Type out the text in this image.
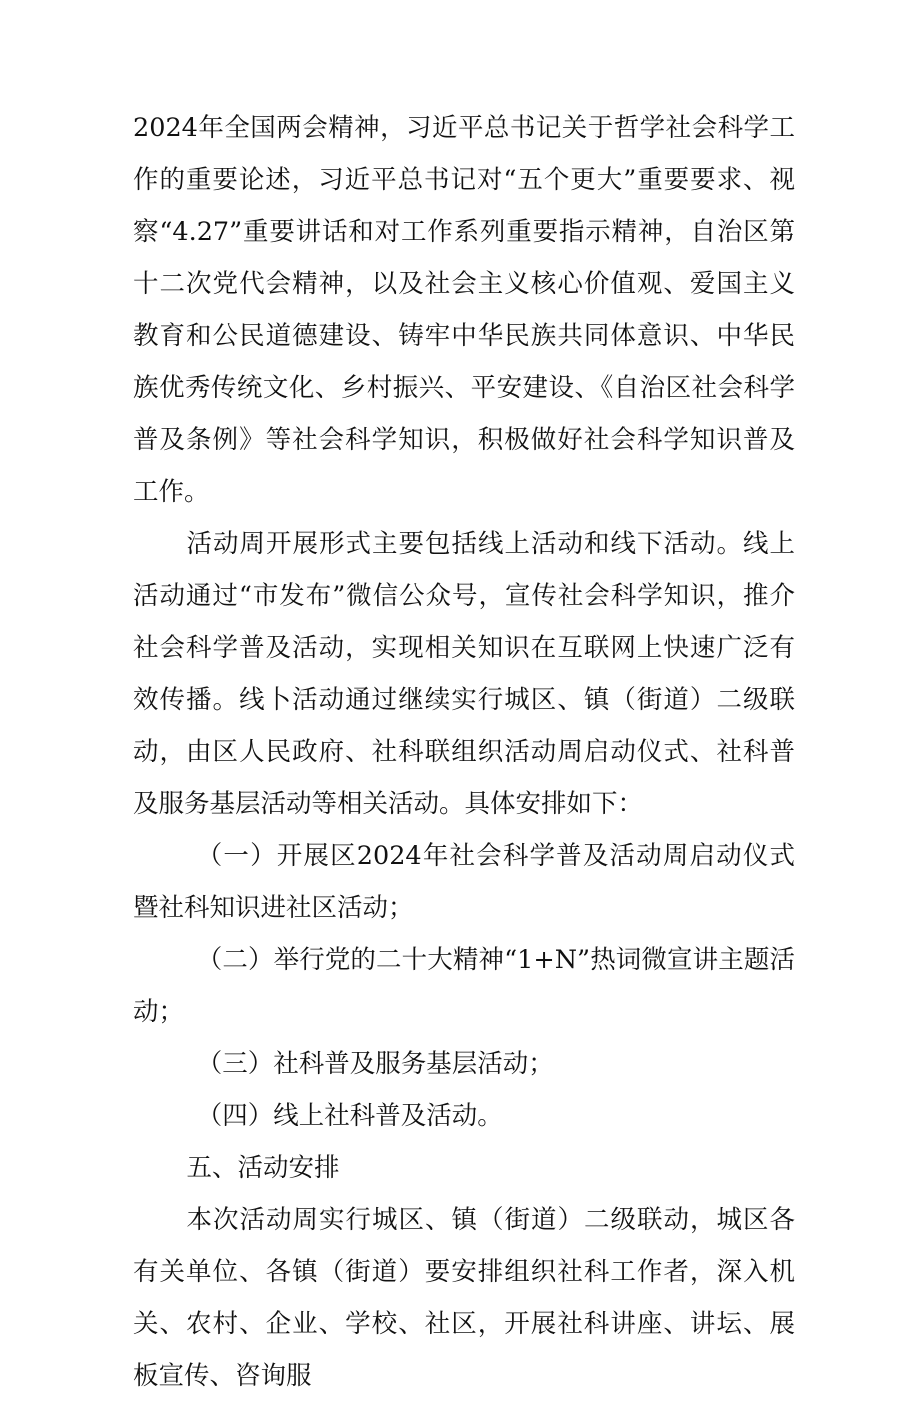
2024年全国两会精神，习近平总书记关于哲学社会科学工作的重要论述，习近平总书记对“五个更大”重要要求、视察“4.27”重要讲话和对工作系列重要指示精神，自治区第十二次党代会精神，以及社会主义核心价值观、爱国主义教育和公民道德建设、铸牢中华民族共同体意识、中华民族优秀传统文化、乡村振兴、平安建设、《自治区社会科学普及条例》等社会科学知识，积极做好社会科学知识普及工作。

活动周开展形式主要包括线上活动和线下活动。线上活动通过“市发布”微信公众号，宣传社会科学知识，推介社会科学普及活动，实现相关知识在互联网上快速广泛有效传播。线卜活动通过继续实行城区、镇（街道）二级联动，由区人民政府、社科联组织活动周启动仪式、社科普及服务基层活动等相关活动。具体安排如下：

（一）开展区2024年社会科学普及活动周启动仪式暨社科知识进社区活动；

（二）举行党的二十大精神“1+N”热词微宣讲主题活动；

（三）社科普及服务基层活动；

（四）线上社科普及活动。

五、活动安排

本次活动周实行城区、镇（街道）二级联动，城区各有关单位、各镇（街道）要安排组织社科工作者，深入机关、农村、企业、学校、社区，开展社科讲座、讲坛、展板宣传、咨询服
